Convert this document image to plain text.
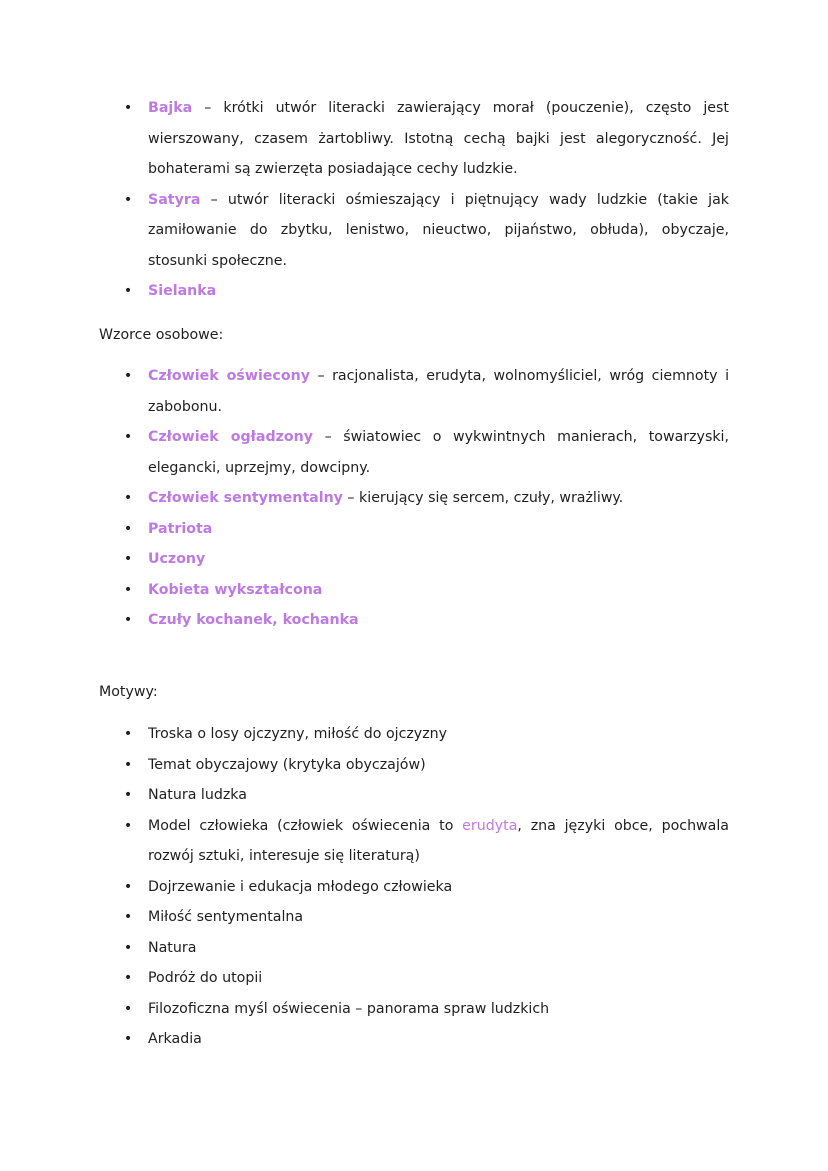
• Bajka – krótki utwór literacki zawierający morał (pouczenie), często jest wierszowany, czasem żartobliwy. Istotną cechą bajki jest alegoryczność. Jej bohaterami są zwierzęta posiadające cechy ludzkie.
• Satyra – utwór literacki ośmieszający i piętnujący wady ludzkie (takie jak zamiłowanie do zbytku, lenistwo, nieuctwo, pijaństwo, obłuda), obyczaje, stosunki społeczne.
• Sielanka
Wzorce osobowe:
• Człowiek oświecony – racjonalista, erudyta, wolnomyśliciel, wróg ciemnoty i zabobonu.
• Człowiek ogładzony – światowiec o wykwintnych manierach, towarzyski, elegancki, uprzejmy, dowcipny.
• Człowiek sentymentalny – kierujący się sercem, czuły, wrażliwy.
• Patriota
• Uczony
• Kobieta wykształcona
• Czuły kochanek, kochanka
Motywy:
• Troska o losy ojczyzny, miłość do ojczyzny
• Temat obyczajowy (krytyka obyczajów)
• Natura ludzka
• Model człowieka (człowiek oświecenia to erudyta, zna języki obce, pochwala rozwój sztuki, interesuje się literaturą)
• Dojrzewanie i edukacja młodego człowieka
• Miłość sentymentalna
• Natura
• Podróż do utopii
• Filozoficzna myśl oświecenia – panorama spraw ludzkich
• Arkadia
